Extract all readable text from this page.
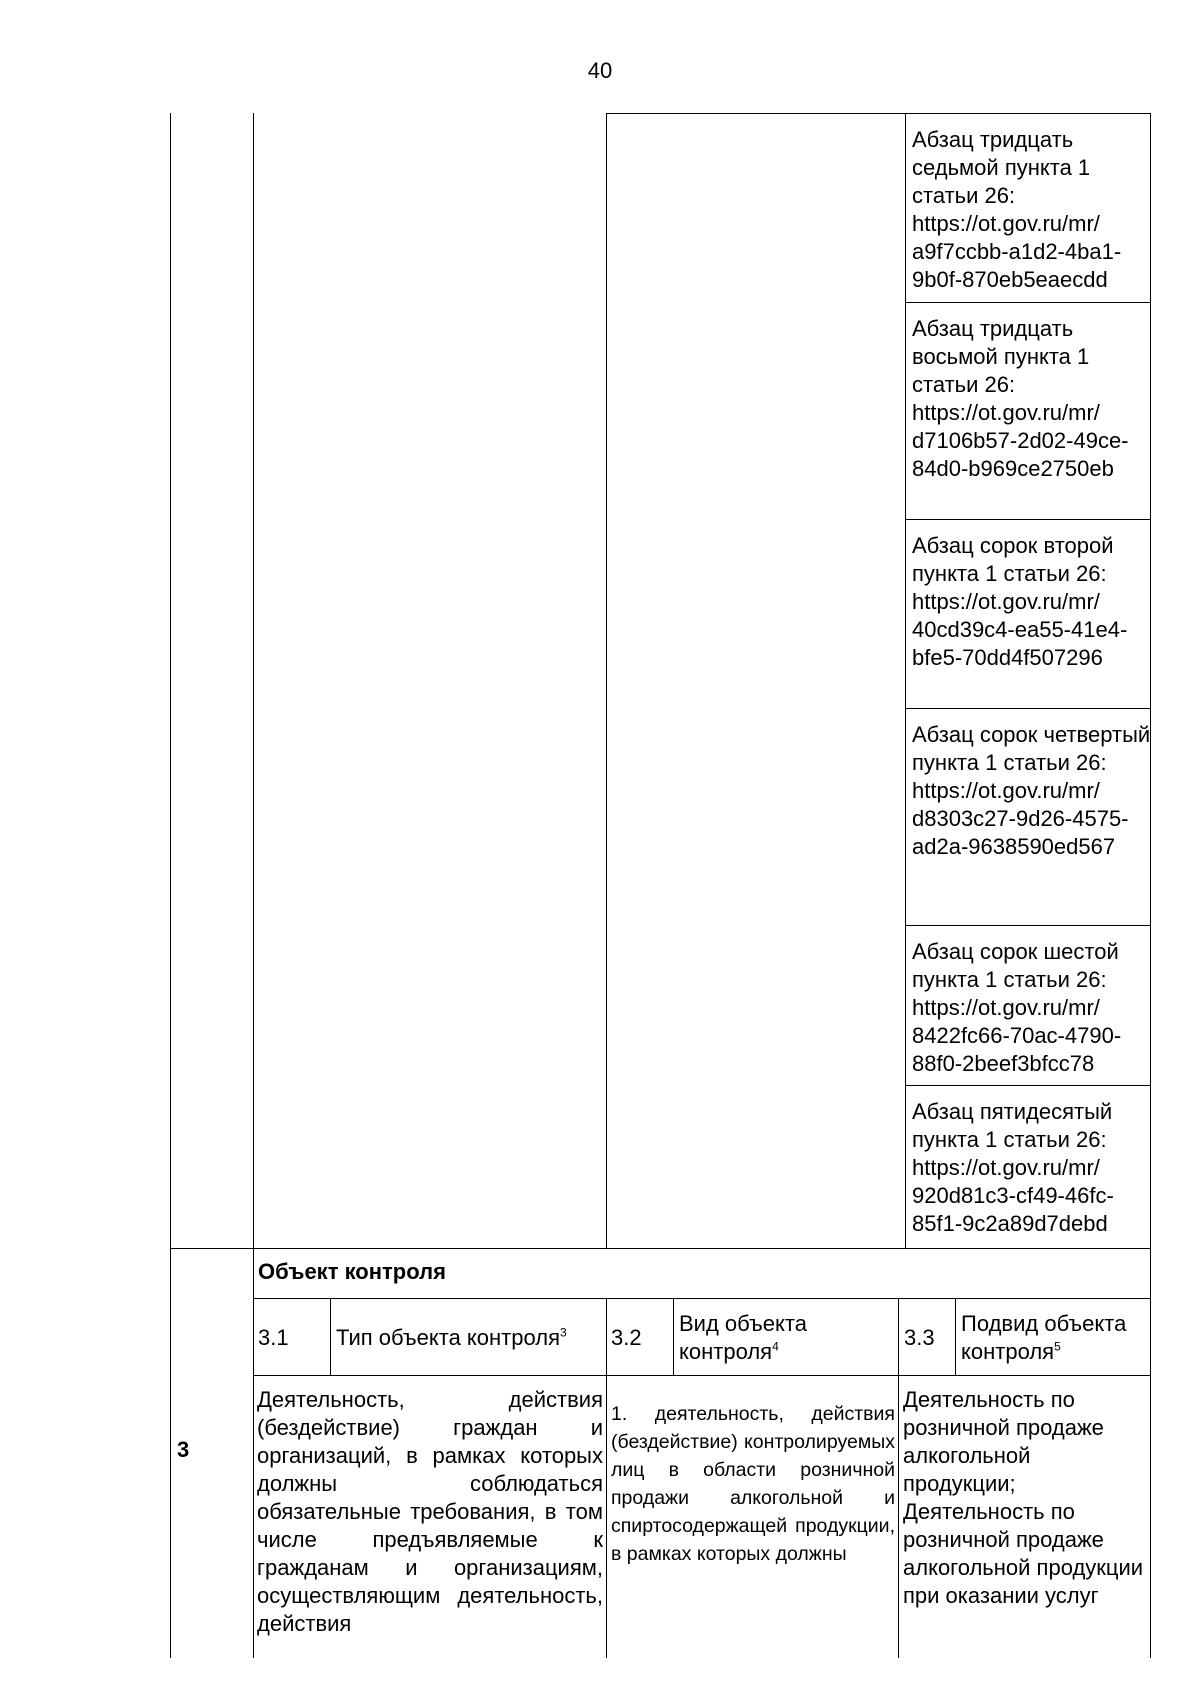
40
Абзац тридцать седьмой пункта 1 статьи 26: https://ot.gov.ru/mr/ a9f7ccbb-a1d2-4ba1-9b0f-870eb5eaecdd
Абзац тридцать восьмой пункта 1 статьи 26: https://ot.gov.ru/mr/ d7106b57-2d02-49ce-84d0-b969ce2750eb
Абзац сорок второй пункта 1 статьи 26: https://ot.gov.ru/mr/ 40cd39c4-ea55-41e4-bfe5-70dd4f507296
Абзац сорок четвертый пункта 1 статьи 26: https://ot.gov.ru/mr/ d8303c27-9d26-4575-ad2a-9638590ed567
Абзац сорок шестой пункта 1 статьи 26: https://ot.gov.ru/mr/ 8422fc66-70ac-4790-88f0-2beef3bfcc78
Абзац пятидесятый пункта 1 статьи 26: https://ot.gov.ru/mr/ 920d81c3-cf49-46fc-85f1-9c2a89d7debd
3
Объект контроля
3.1 Тип объекта контроля$^3$	3.2
Вид объекта контроля$^4$	3.3
Подвид объекта контроля$^5$
Деятельность, действия (бездействие) граждан и организаций, в рамках которых должны соблюдаться обязательные требования, в том числе предъявляемые к гражданам и организациям, осуществляющим деятельность, действия
1. деятельность, действия (бездействие) контролируемых лиц в области розничной продажи алкогольной и спиртосодержащей продукции, в рамках которых должны
Деятельность по розничной продаже алкогольной продукции;
Деятельность по розничной продаже алкогольной продукции при оказании услуг
